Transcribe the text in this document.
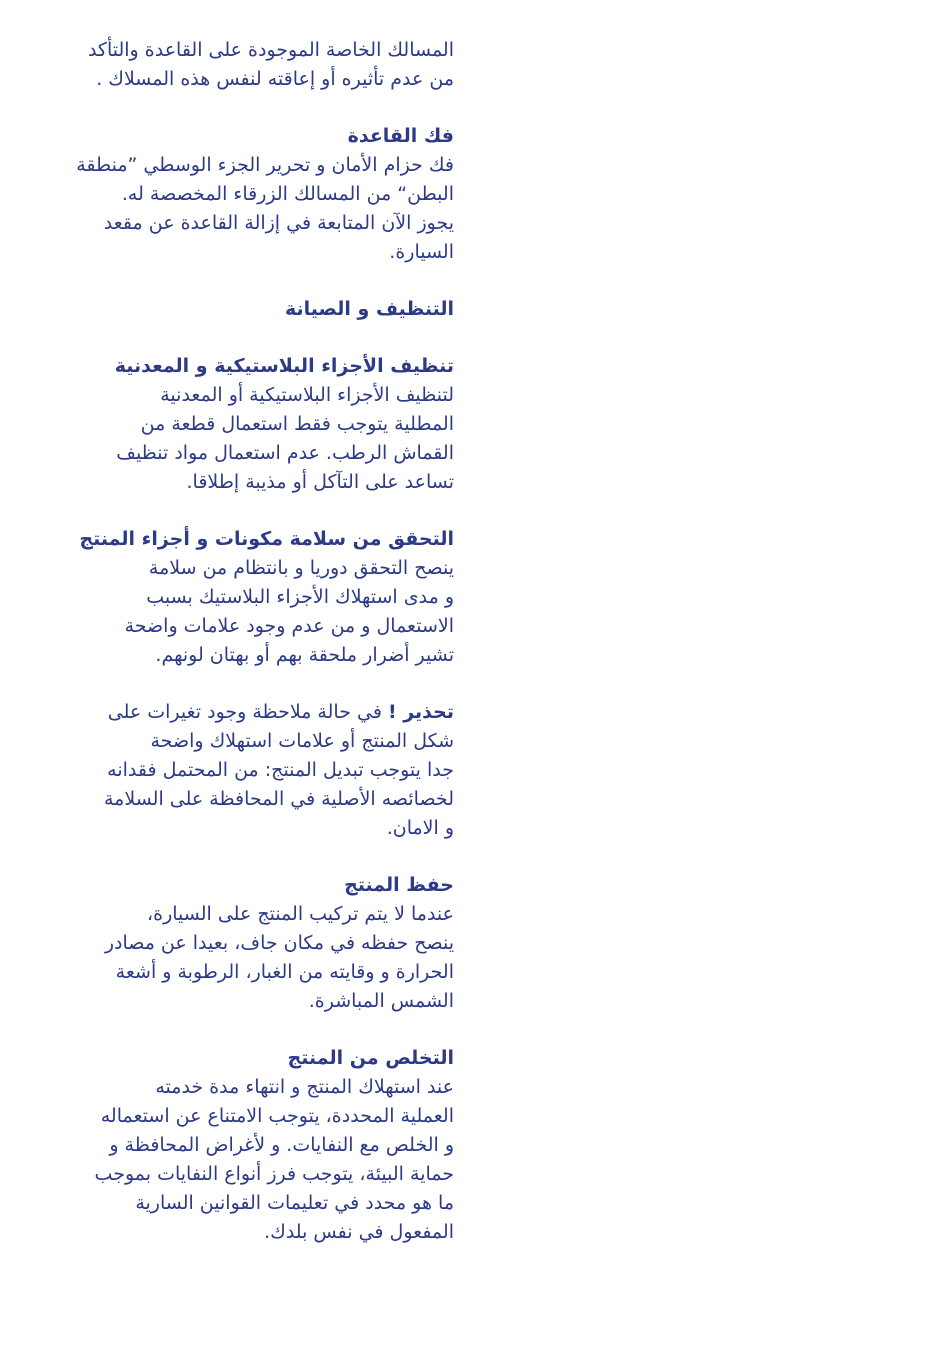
المسالك الخاصة الموجودة على القاعدة والتأكد
من عدم تأثيره أو إعاقته لنفس هذه المسلاك .
فك القاعدة
فك حزام الأمان و تحرير الجزء الوسطي ”منطقة
البطن“ من المسالك الزرقاء المخصصة له.
يجوز الآن المتابعة في إزالة القاعدة عن مقعد
السيارة.
التنظيف و الصيانة
تنظيف الأجزاء البلاستيكية و المعدنية
لتنظيف الأجزاء البلاستيكية أو المعدنية
المطلية يتوجب فقط استعمال قطعة من
القماش الرطب. عدم استعمال مواد تنظيف
تساعد على التآكل أو مذيبة إطلاقا.
التحقق من سلامة مكونات و أجزاء المنتج
ينصح التحقق دوريا و بانتظام من سلامة
و مدى استهلاك الأجزاء البلاستيك بسبب
الاستعمال و من عدم وجود علامات واضحة
تشير أضرار ملحقة بهم أو بهتان لونهم.
تحذير ! في حالة ملاحظة وجود تغيرات على
شكل المنتج أو علامات استهلاك واضحة
جدا يتوجب تبديل المنتج: من المحتمل فقدانه
لخصائصه الأصلية في المحافظة على السلامة
و الامان.
حفظ المنتج
عندما لا يتم تركيب المنتج على السيارة،
ينصح حفظه في مكان جاف، بعيدا عن مصادر
الحرارة و وقايته من الغبار، الرطوبة و أشعة
الشمس المباشرة.
التخلص من المنتج
عند استهلاك المنتج و انتهاء مدة خدمته
العملية المحددة، يتوجب الامتناع عن استعماله
و الخلص مع النفايات. و لأغراض المحافظة و
حماية البيئة، يتوجب فرز أنواع النفايات بموجب
ما هو محدد في تعليمات القوانين السارية
المفعول في نفس بلدك.
